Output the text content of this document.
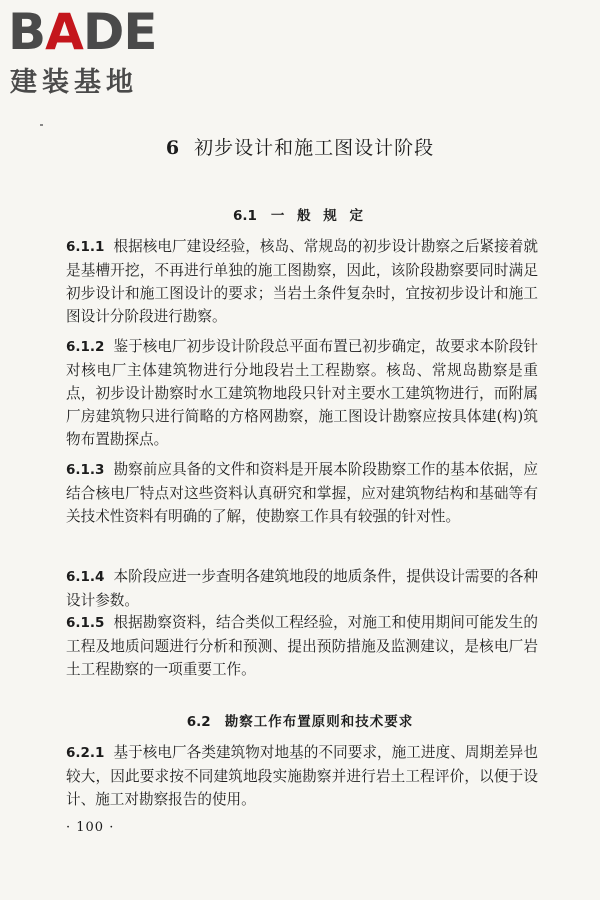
BADE
建装基地
6 初步设计和施工图设计阶段
6.1 一 般 规 定

6.1.1 根据核电厂建设经验，核岛、常规岛的初步设计勘察之后紧接着就是基槽开挖，不再进行单独的施工图勘察，因此，该阶段勘察要同时满足初步设计和施工图设计的要求；当岩土条件复杂时，宜按初步设计和施工图设计分阶段进行勘察。

6.1.2 鉴于核电厂初步设计阶段总平面布置已初步确定，故要求本阶段针对核电厂主体建筑物进行分地段岩土工程勘察。核岛、常规岛勘察是重点，初步设计勘察时水工建筑物地段只针对主要水工建筑物进行，而附属厂房建筑物只进行简略的方格网勘察，施工图设计勘察应按具体建(构)筑物布置勘探点。

6.1.3 勘察前应具备的文件和资料是开展本阶段勘察工作的基本依据，应结合核电厂特点对这些资料认真研究和掌握，应对建筑物结构和基础等有关技术性资料有明确的了解，使勘察工作具有较强的针对性。

6.1.4 本阶段应进一步查明各建筑地段的地质条件，提供设计需要的各种设计参数。

6.1.5 根据勘察资料，结合类似工程经验，对施工和使用期间可能发生的工程及地质问题进行分析和预测、提出预防措施及监测建议，是核电厂岩土工程勘察的一项重要工作。

6.2 勘察工作布置原则和技术要求

6.2.1 基于核电厂各类建筑物对地基的不同要求，施工进度、周期差异也较大，因此要求按不同建筑地段实施勘察并进行岩土工程评价，以便于设计、施工对勘察报告的使用。

· 100 ·
